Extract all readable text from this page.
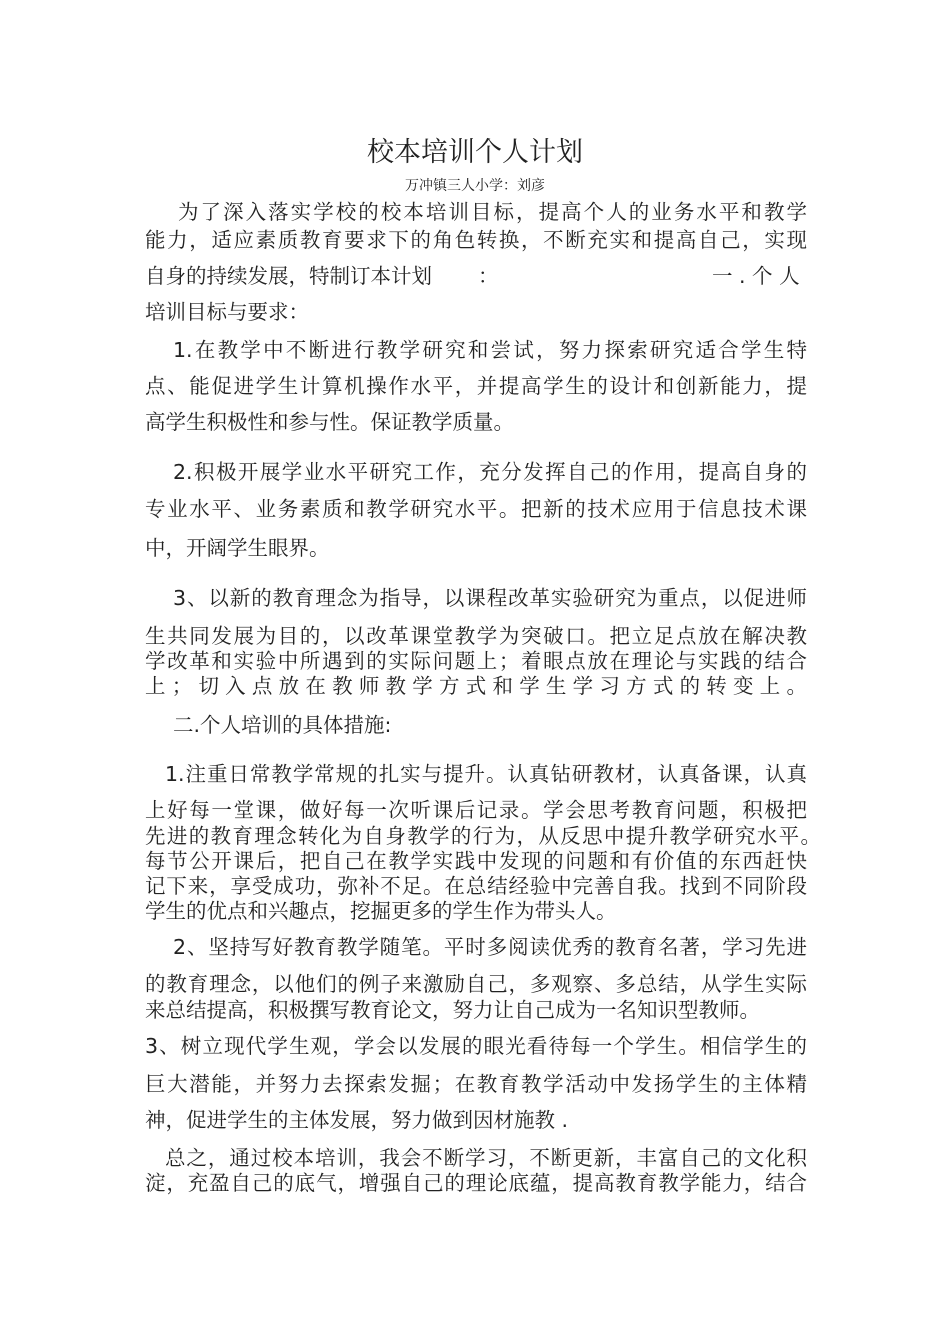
校本培训个人计划
万冲镇三人小学：刘彦
为了深入落实学校的校本培训目标，提高个人的业务水平和教学
能力，适应素质教育要求下的角色转换，不断充实和提高自己，实现
自身的持续发展，特制订本计划	：	一 . 个 人
培训目标与要求：
1.在教学中不断进行教学研究和尝试，努力探索研究适合学生特
点、能促进学生计算机操作水平，并提高学生的设计和创新能力，提
高学生积极性和参与性。保证教学质量。
2.积极开展学业水平研究工作，充分发挥自己的作用，提高自身的
专业水平、业务素质和教学研究水平。把新的技术应用于信息技术课
中，开阔学生眼界。
3、以新的教育理念为指导，以课程改革实验研究为重点，以促进师
生共同发展为目的，以改革课堂教学为突破口。把立足点放在解决教
学改革和实验中所遇到的实际问题上；着眼点放在理论与实践的结合
上；切入点放在教师教学方式和学生学习方式的转变上。
二.个人培训的具体措施:
1.注重日常教学常规的扎实与提升。认真钻研教材，认真备课，认真
上好每一堂课，做好每一次听课后记录。学会思考教育问题，积极把
先进的教育理念转化为自身教学的行为，从反思中提升教学研究水平。
每节公开课后，把自己在教学实践中发现的问题和有价值的东西赶快
记下来，享受成功，弥补不足。在总结经验中完善自我。找到不同阶段
学生的优点和兴趣点，挖掘更多的学生作为带头人。
2、坚持写好教育教学随笔。平时多阅读优秀的教育名著，学习先进
的教育理念，以他们的例子来激励自己，多观察、多总结，从学生实际
来总结提高，积极撰写教育论文，努力让自己成为一名知识型教师。
3、树立现代学生观，学会以发展的眼光看待每一个学生。相信学生的
巨大潜能，并努力去探索发掘；在教育教学活动中发扬学生的主体精
神，促进学生的主体发展，努力做到因材施教 .
总之，通过校本培训，我会不断学习，不断更新，丰富自己的文化积
淀，充盈自己的底气，增强自己的理论底蕴，提高教育教学能力，结合
